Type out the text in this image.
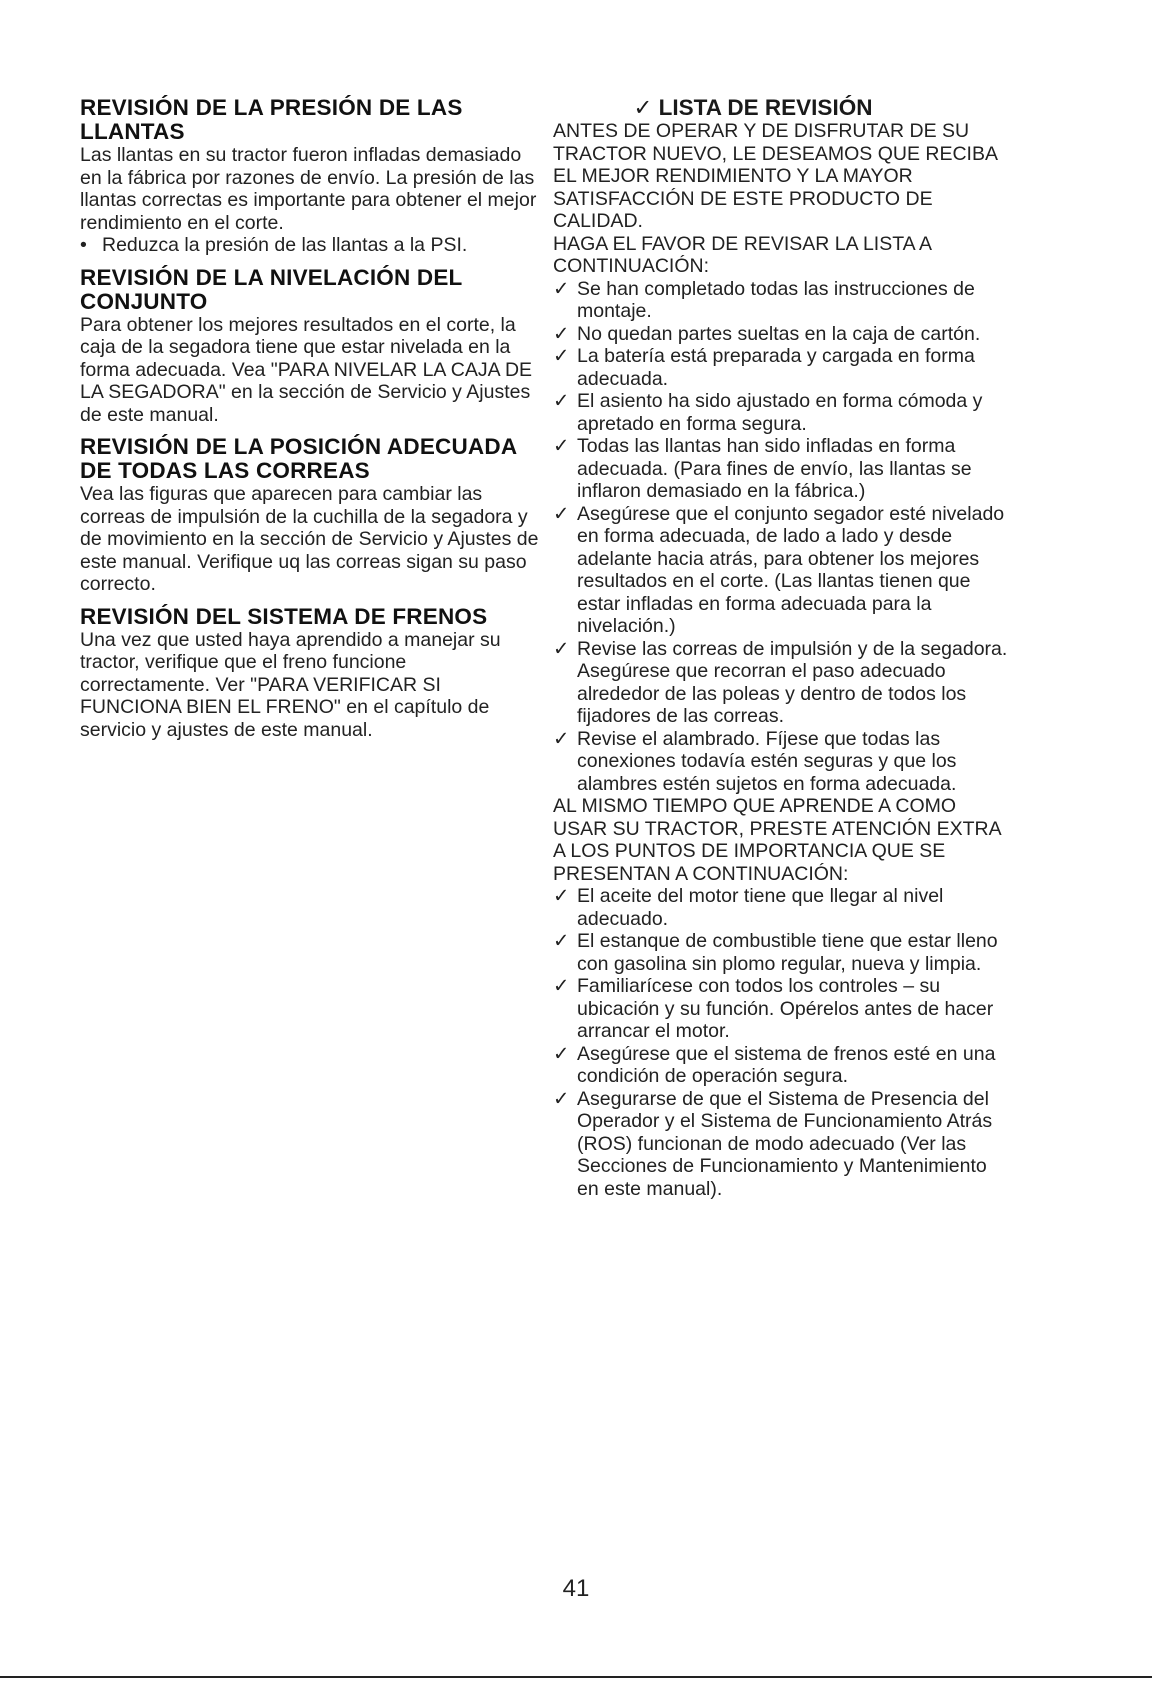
REVISIÓN DE LA PRESIÓN DE LAS LLANTAS

Las llantas en su tractor fueron infladas demasiado en la fábrica por razones de envío. La presión de las llantas correctas es importante para obtener el mejor rendimiento en el corte.

• Reduzca la presión de las llantas a la PSI.
REVISIÓN DE LA NIVELACIÓN DEL CONJUNTO

Para obtener los mejores resultados en el corte, la caja de la segadora tiene que estar nivelada en la forma adecuada. Vea "PARA NIVELAR LA CAJA DE LA SEGADORA" en la sección de Servicio y Ajustes de este manual.

REVISIÓN DE LA POSICIÓN ADECUADA DE TODAS LAS CORREAS

Vea las figuras que aparecen para cambiar las correas de impulsión de la cuchilla de la segadora y de movimiento en la sección de Servicio y Ajustes de este manual. Verifique uq las correas sigan su paso correcto.

REVISIÓN DEL SISTEMA DE FRENOS

Una vez que usted haya aprendido a manejar su tractor, verifique que el freno funcione correctamente. Ver "PARA VERIFICAR SI FUNCIONA BIEN EL FRENO" en el capítulo de servicio y ajustes de este manual.

✓ LISTA DE REVISIÓN

ANTES DE OPERAR Y DE DISFRUTAR DE SU TRACTOR NUEVO, LE DESEAMOS QUE RECIBA EL MEJOR RENDIMIENTO Y LA MAYOR SATISFACCIÓN DE ESTE PRODUCTO DE CALIDAD.

HAGA EL FAVOR DE REVISAR LA LISTA A CONTINUACIÓN:

✓ Se han completado todas las instrucciones de montaje.
✓ No quedan partes sueltas en la caja de cartón.
✓ La batería está preparada y cargada en forma adecuada.
✓ El asiento ha sido ajustado en forma cómoda y apretado en forma segura.
✓ Todas las llantas han sido infladas en forma adecuada. (Para fines de envío, las llantas se inflaron demasiado en la fábrica.)
✓ Asegúrese que el conjunto segador esté nivelado en forma adecuada, de lado a lado y desde adelante hacia atrás, para obtener los mejores resultados en el corte. (Las llantas tienen que estar infladas en forma adecuada para la nivelación.)
✓ Revise las correas de impulsión y de la segadora. Asegúrese que recorran el paso adecuado alrededor de las poleas y dentro de todos los fijadores de las correas.
✓ Revise el alambrado. Fíjese que todas las conexiones todavía estén seguras y que los alambres estén sujetos en forma adecuada.

AL MISMO TIEMPO QUE APRENDE A COMO USAR SU TRACTOR, PRESTE ATENCIÓN EXTRA A LOS PUNTOS DE IMPORTANCIA QUE SE PRESENTAN A CONTINUACIÓN:

✓ El aceite del motor tiene que llegar al nivel adecuado.
✓ El estanque de combustible tiene que estar lleno con gasolina sin plomo regular, nueva y limpia.
✓ Familiarícese con todos los controles – su ubicación y su función. Opérelos antes de hacer arrancar el motor.
✓ Asegúrese que el sistema de frenos esté en una condición de operación segura.
✓ Asegurarse de que el Sistema de Presencia del Operador y el Sistema de Funcionamiento Atrás (ROS) funcionan de modo adecuado (Ver las Secciones de Funcionamiento y Mantenimiento en este manual).
41
